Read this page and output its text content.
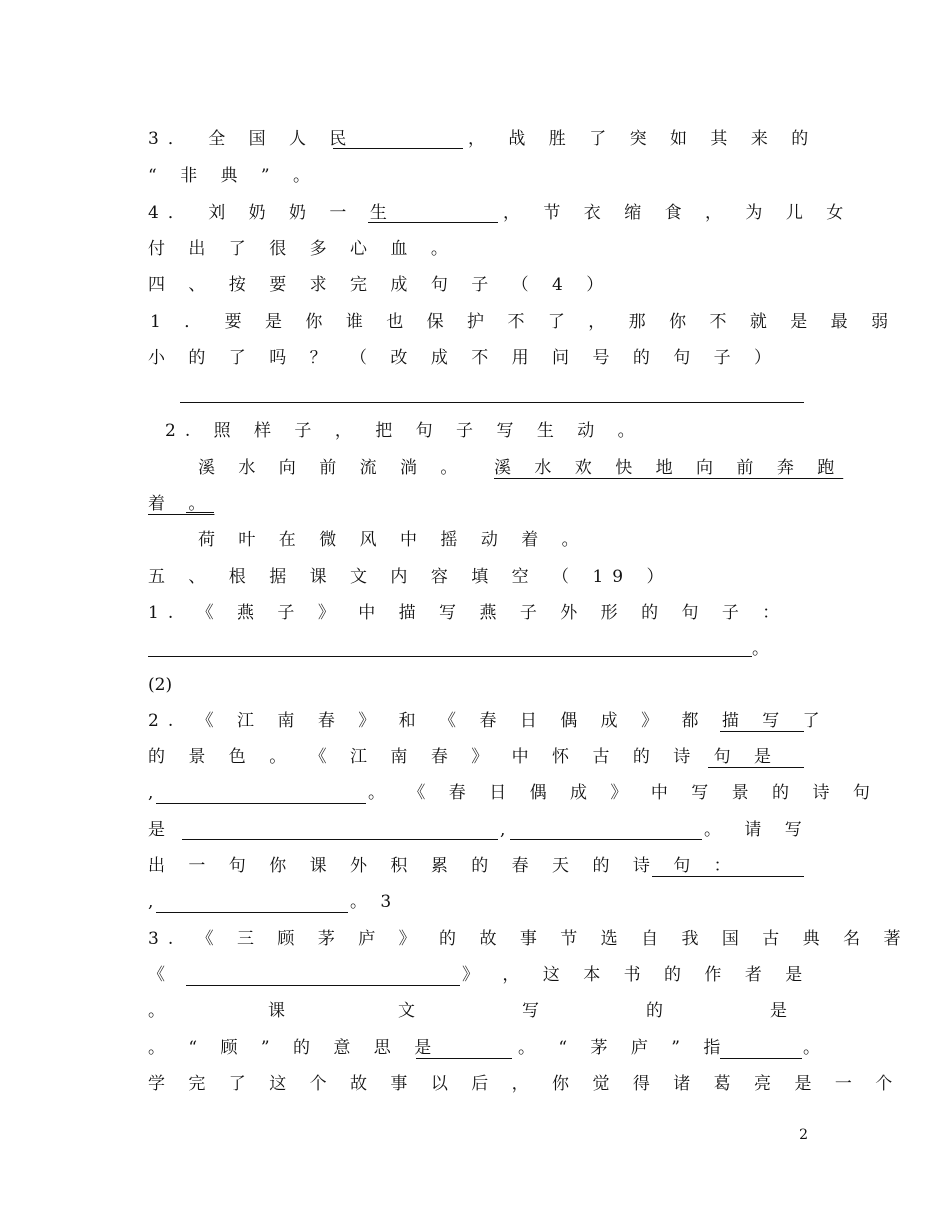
3． 全 国 人 民	， 战 胜 了 突 如 其 来 的
“ 非 典 ” 。
4． 刘 奶 奶 一 生	， 节 衣 缩 食 ， 为 儿 女
付 出 了 很 多 心 血 。
四 、 按 要 求 完 成 句 子 （ 4 ）
1 ． 要 是 你 谁 也 保 护 不 了 ， 那 你 不 就 是 最 弱
小 的 了 吗 ？ （ 改 成 不 用 问 号 的 句 子 ）
2. 照 样 子 ， 把 句 子 写 生 动 。
溪 水 向 前 流 淌 。 溪 水 欢 快 地 向 前 奔 跑
着 。
荷 叶 在 微 风 中 摇 动 着 。
五 、 根 据 课 文 内 容 填 空 （ 19 ）
1. 《 燕 子 》 中 描 写 燕 子 外 形 的 句 子 ：
。
(2)
2. 《 江 南 春 》 和 《 春 日 偶 成 》 都 描 写 了
的 景 色 。 《 江 南 春 》 中 怀 古 的 诗 句 是
,	。 《 春 日 偶 成 》 中 写 景 的 诗 句
是	,	。 请 写
出 一 句 你 课 外 积 累 的 春 天 的 诗 句 ：
,	。 3
3. 《 三 顾 茅 庐 》 的 故 事 节 选 自 我 国 古 典 名 著
《	》 ， 这 本 书 的 作 者 是
。	课	文	写	的	是
。 “ 顾 ” 的 意 思 是	。 “ 茅 庐 ” 指	。
学 完 了 这 个 故 事 以 后 ， 你 觉 得 诸 葛 亮 是 一 个
2
